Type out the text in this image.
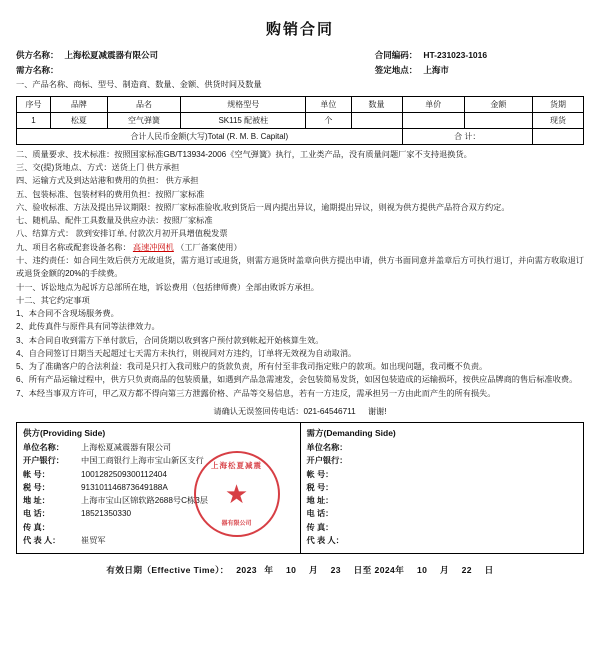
购销合同
供方名称： 上海松夏减震器有限公司	合同编码： HT-231023-1016
需方名称：	签定地点： 上海市
一、产品名称、商标、型号、制造商、数量、金额、供货时间及数量
序号	品牌	品名	规格型号	单位	数量	单价	金额	货期
1	松夏	空气弹簧	SK115 配被柱	个				现货
合计人民币金额(大写)Total (R. M. B. Capital)						合 计：		

二、质量要求、技术标准：按照国家标准GB/T13934-2006《空气弹簧》执行，工业类产品，没有质量问题厂家不支持退换货。

三、交(提)货地点、方式：送货上门 供方承担

四、运输方式及到达站港和费用的负担： 供方承担

五、包装标准、包装材料的费用负担：按照厂家标准

六、验收标准、方法及提出异议期限：按照厂家标准验收,收到货后一周内提出异议，逾期提出异议，则视为供方提供产品符合双方约定。

七、随机品、配件工具数量及供应办法：按照厂家标准

八、结算方式： 款到安排订单, 付款次月初开具增值税发票

九、项目名称或配套设备名称： 高速冲网机 （工厂备案使用）

十、违约责任：如合同生效后供方无故退货，需方退订或退货，则需方退货时盖章向供方提出申请，供方书面同意并盖章后方可执行退订，并向需方收取退订或退货金额的20%的手续费。

十一、诉讼地点为起诉方总部所在地，诉讼费用（包括律师费）全部由败诉方承担。

十二、其它约定事项

1、本合同不含现场服务费。

2、此传真件与原件具有同等法律效力。

3、本合同自收到需方下单付款后，合同货期以收到客户预付款到帐起开始核算生效。

4、自合同签订日期当天起超过七天需方未执行，则视同对方违约，订单将无效视为自动取消。

5、为了准确客户的合法利益：我司是只打入我司账户的货款负责，所有付至非我司指定账户的款项。如出现问题，我司概不负责。

6、所有产品运输过程中，供方只负责商品的包装质量，如遇到产品急需速发，会包装简易发货，如因包装造成的运输损坏，按供应品牌商的售后标准收费。

7、本经当事双方许可，甲乙双方都不得向第三方泄露价格、产品等交易信息，若有一方违反，需承担另一方由此而产生的所有损失。

请确认无误签回传电话：021-64546711 谢谢!
供方(Providing Side)
单位名称：	上海松夏减震器有限公司
开户银行：	中国工商银行上海市宝山新区支行
帐 号：	1001282509300112404
税 号：	913101146873649188A
地 址：	上海市宝山区锦软路2688号C栋3层
电 话：	18521350330
传 真：
代 表 人：	崔贸军
上海松夏减震
★
器有限公司

需方(Demanding Side)
单位名称：
开户银行：
帐 号：
税 号：
地 址：
电 话：
传 真：
代 表 人：
有效日期（Effective Time）： 2023 年 10 月 23 日至 2024年 10 月 22 日
